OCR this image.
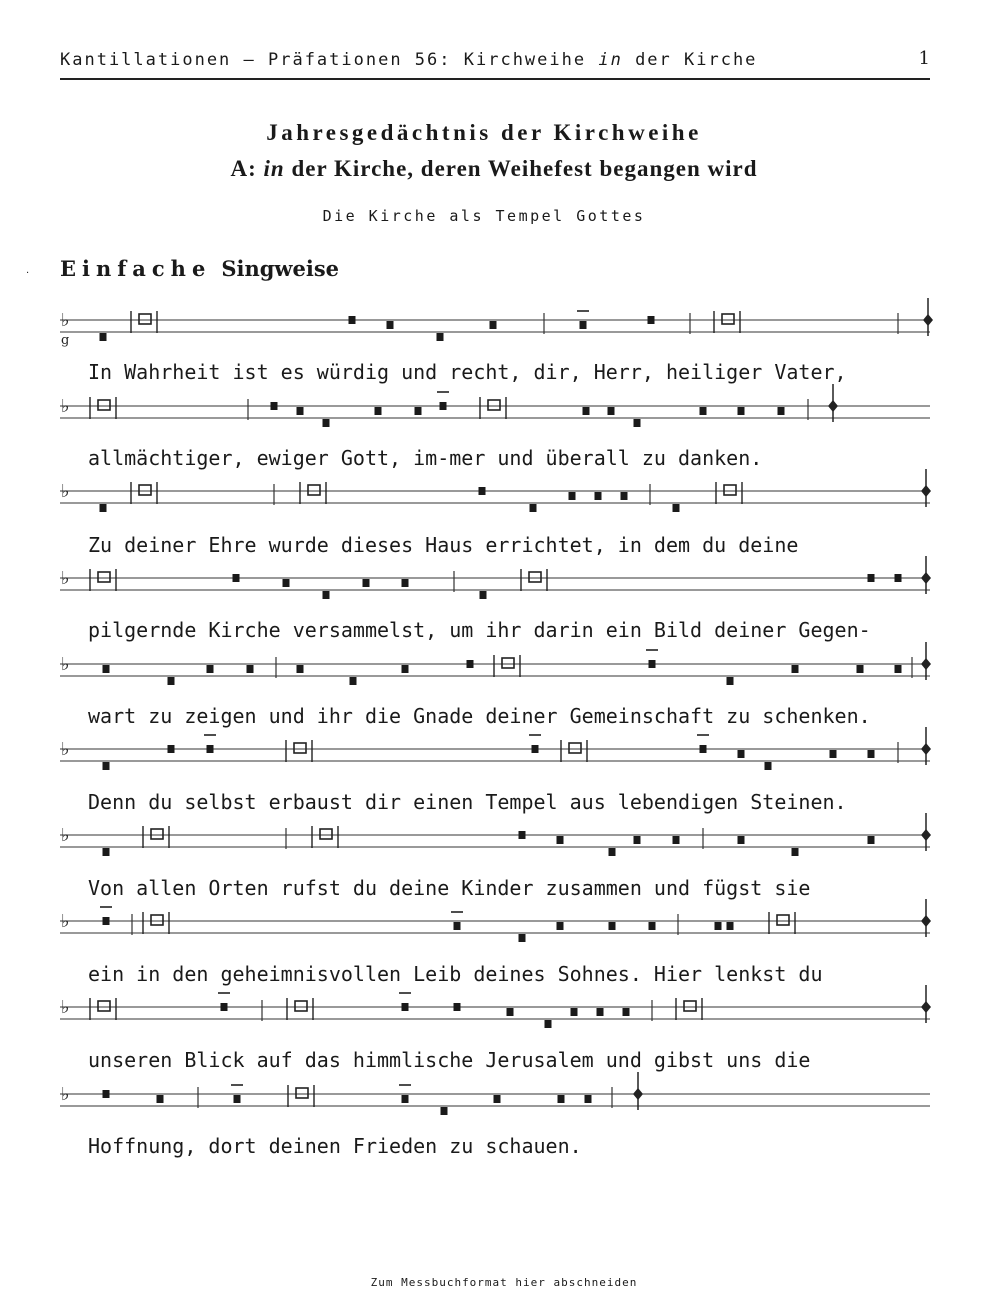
Kantillationen – Präfationen 56: Kirchweihe in der Kirche	1
Jahresgedächtnis der Kirchweihe
A: in der Kirche, deren Weihefest begangen wird
Die Kirche als Tempel Gottes
· Einfache Singweise
♭
g
♭
♭
♭
♭
♭
♭
♭
♭
♭
In Wahrheit ist es würdig und recht, dir, Herr, heiliger Vater,
allmächtiger, ewiger Gott, im-mer und überall zu danken.
Zu deiner Ehre wurde dieses Haus errichtet, in dem du deine
pilgernde Kirche versammelst, um ihr darin ein Bild deiner Gegen-
wart zu zeigen und ihr die Gnade deiner Gemeinschaft zu schenken.
Denn du selbst erbaust dir einen Tempel aus lebendigen Steinen.
Von allen Orten rufst du deine Kinder zusammen und fügst sie
ein in den geheimnisvollen Leib deines Sohnes. Hier lenkst du
unseren Blick auf das himmlische Jerusalem und gibst uns die
Hoffnung, dort deinen Frieden zu schauen.
Zum Messbuchformat hier abschneiden
